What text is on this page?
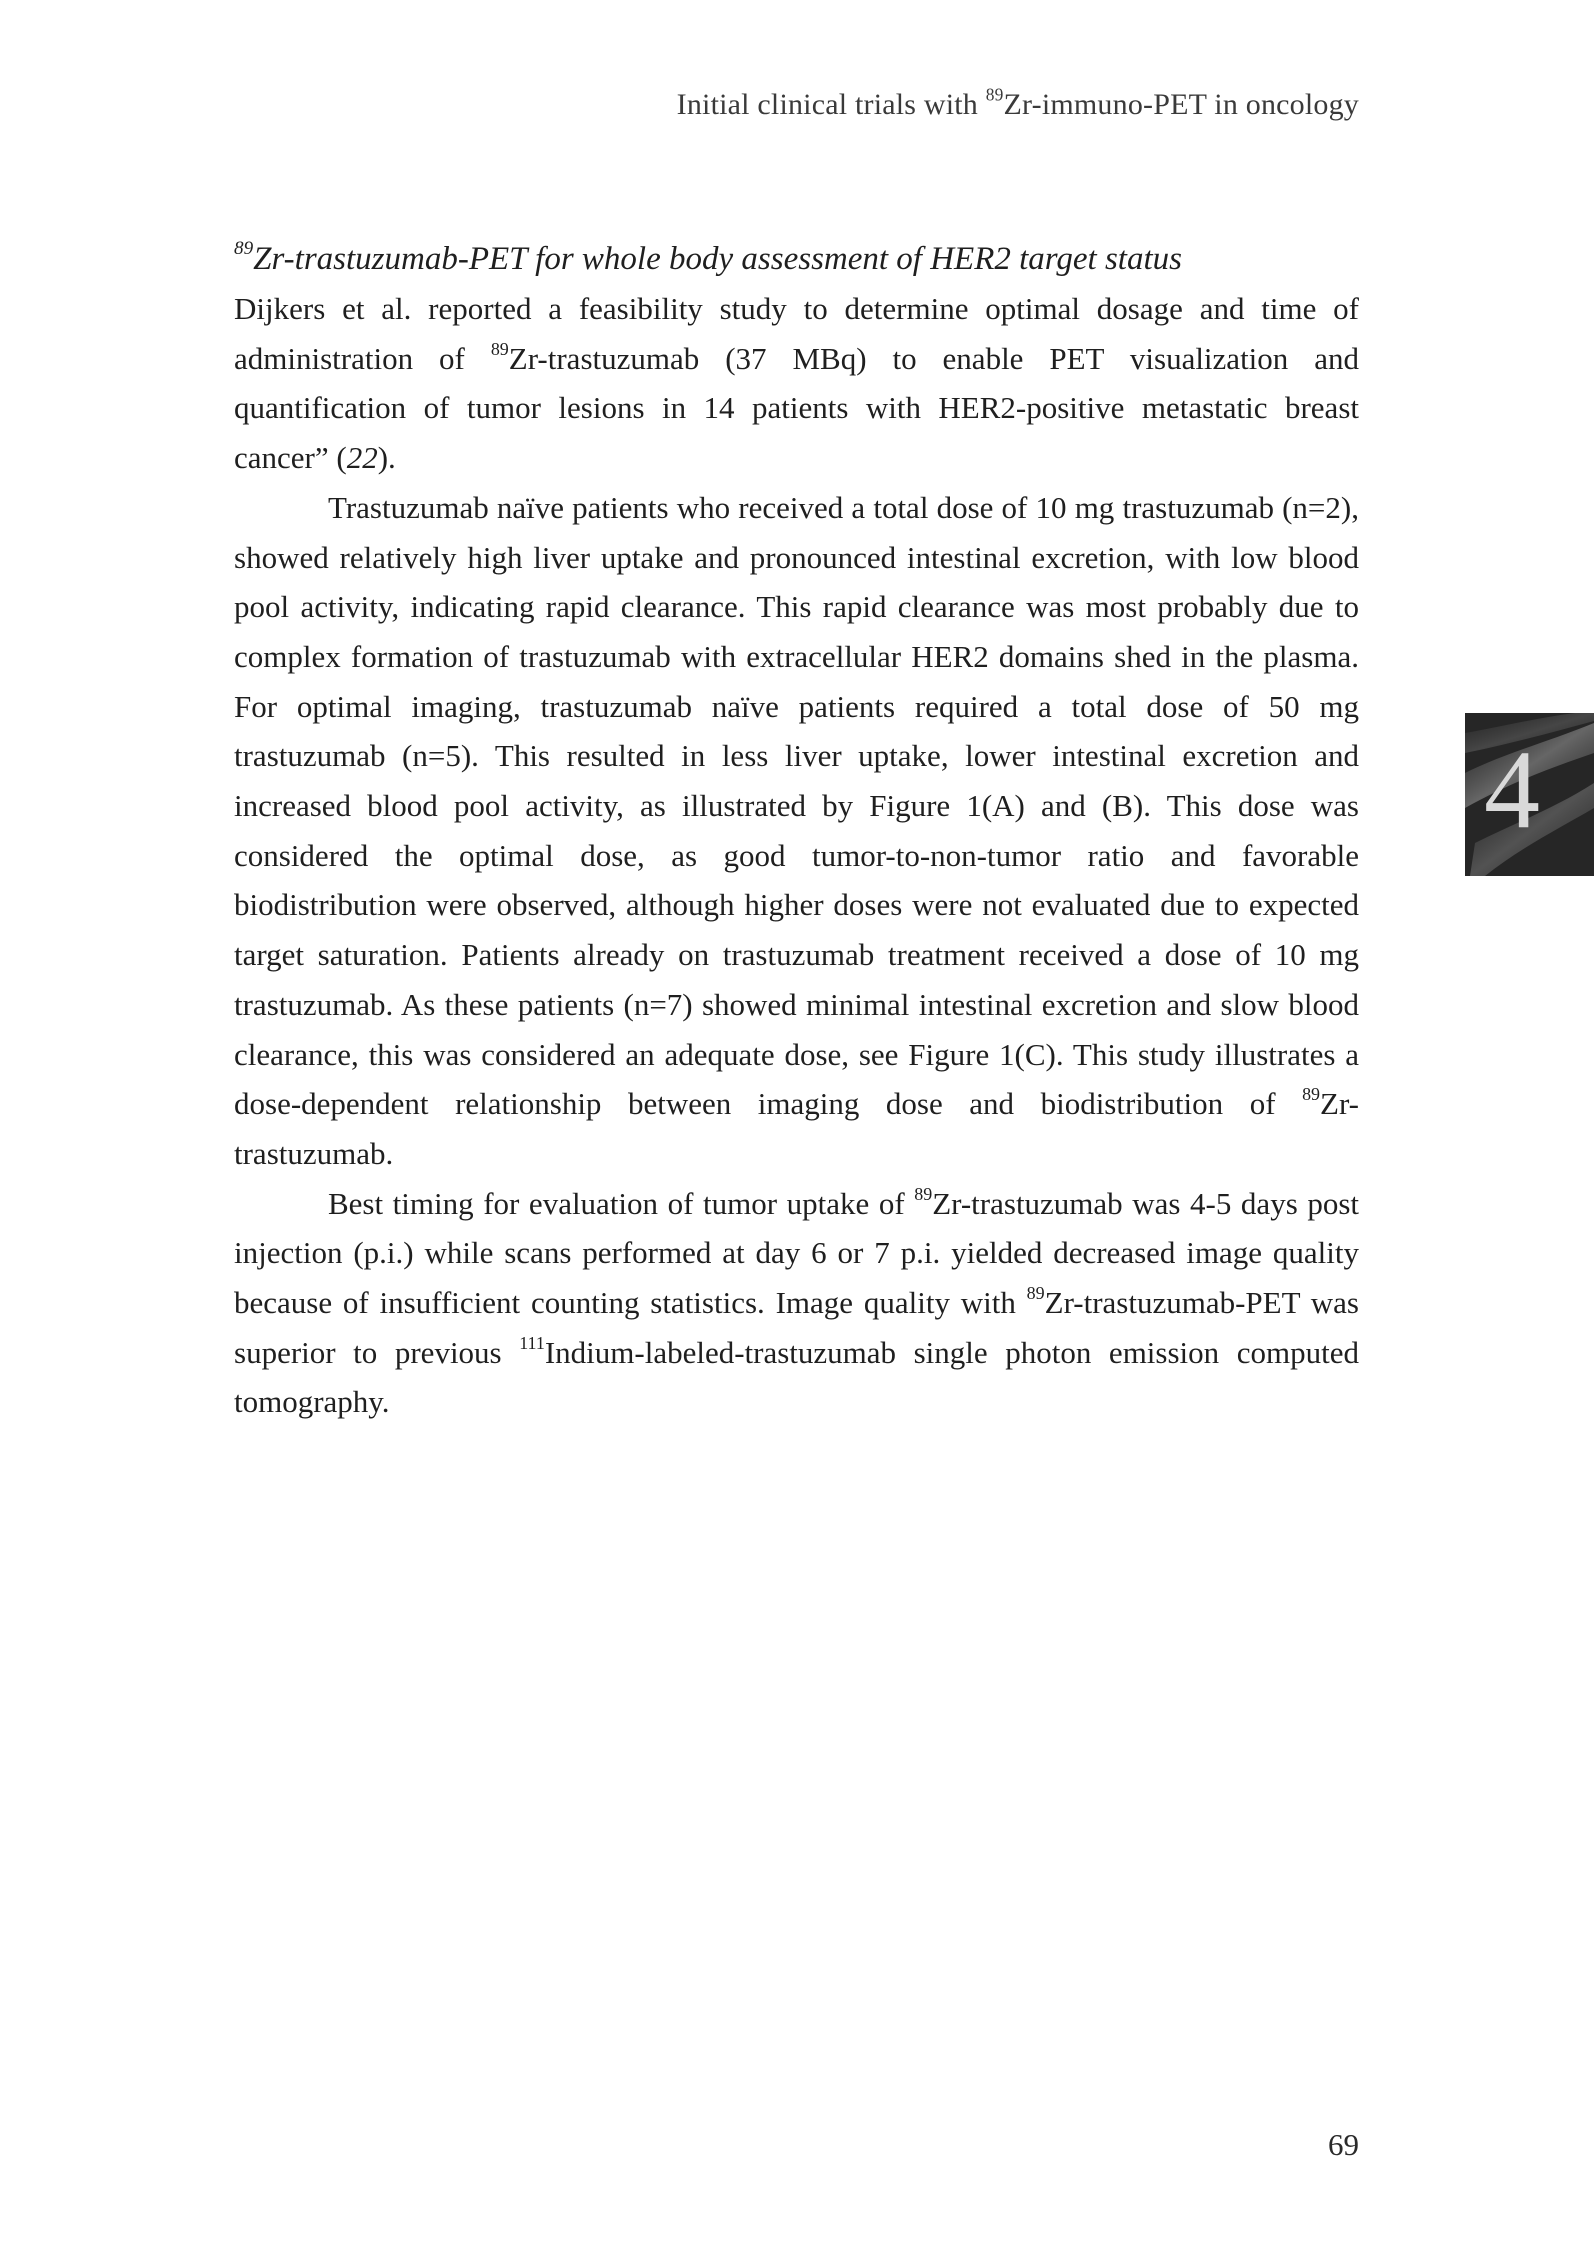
Initial clinical trials with $^{89}$Zr-immuno-PET in oncology
$^{89}$Zr-trastuzumab-PET for whole body assessment of HER2 target status

Dijkers et al. reported a feasibility study to determine optimal dosage and time of administration of $^{89}$Zr-trastuzumab (37 MBq) to enable PET visualization and quantification of tumor lesions in 14 patients with HER2-positive metastatic breast cancer” (22).

Trastuzumab naïve patients who received a total dose of 10 mg trastuzumab (n=2), showed relatively high liver uptake and pronounced intestinal excretion, with low blood pool activity, indicating rapid clearance. This rapid clearance was most probably due to complex formation of trastuzumab with extracellular HER2 domains shed in the plasma. For optimal imaging, trastuzumab naïve patients required a total dose of 50 mg trastuzumab (n=5). This resulted in less liver uptake, lower intestinal excretion and increased blood pool activity, as illustrated by Figure 1(A) and (B). This dose was considered the optimal dose, as good tumor-to-non-tumor ratio and favorable biodistribution were observed, although higher doses were not evaluated due to expected target saturation. Patients already on trastuzumab treatment received a dose of 10 mg trastuzumab. As these patients (n=7) showed minimal intestinal excretion and slow blood clearance, this was considered an adequate dose, see Figure 1(C). This study illustrates a dose-dependent relationship between imaging dose and biodistribution of $^{89}$Zr-trastuzumab.

Best timing for evaluation of tumor uptake of $^{89}$Zr-trastuzumab was 4-5 days post injection (p.i.) while scans performed at day 6 or 7 p.i. yielded decreased image quality because of insufficient counting statistics. Image quality with $^{89}$Zr-trastuzumab-PET was superior to previous $^{111}$Indium-labeled-trastuzumab single photon emission computed tomography.

4
69
